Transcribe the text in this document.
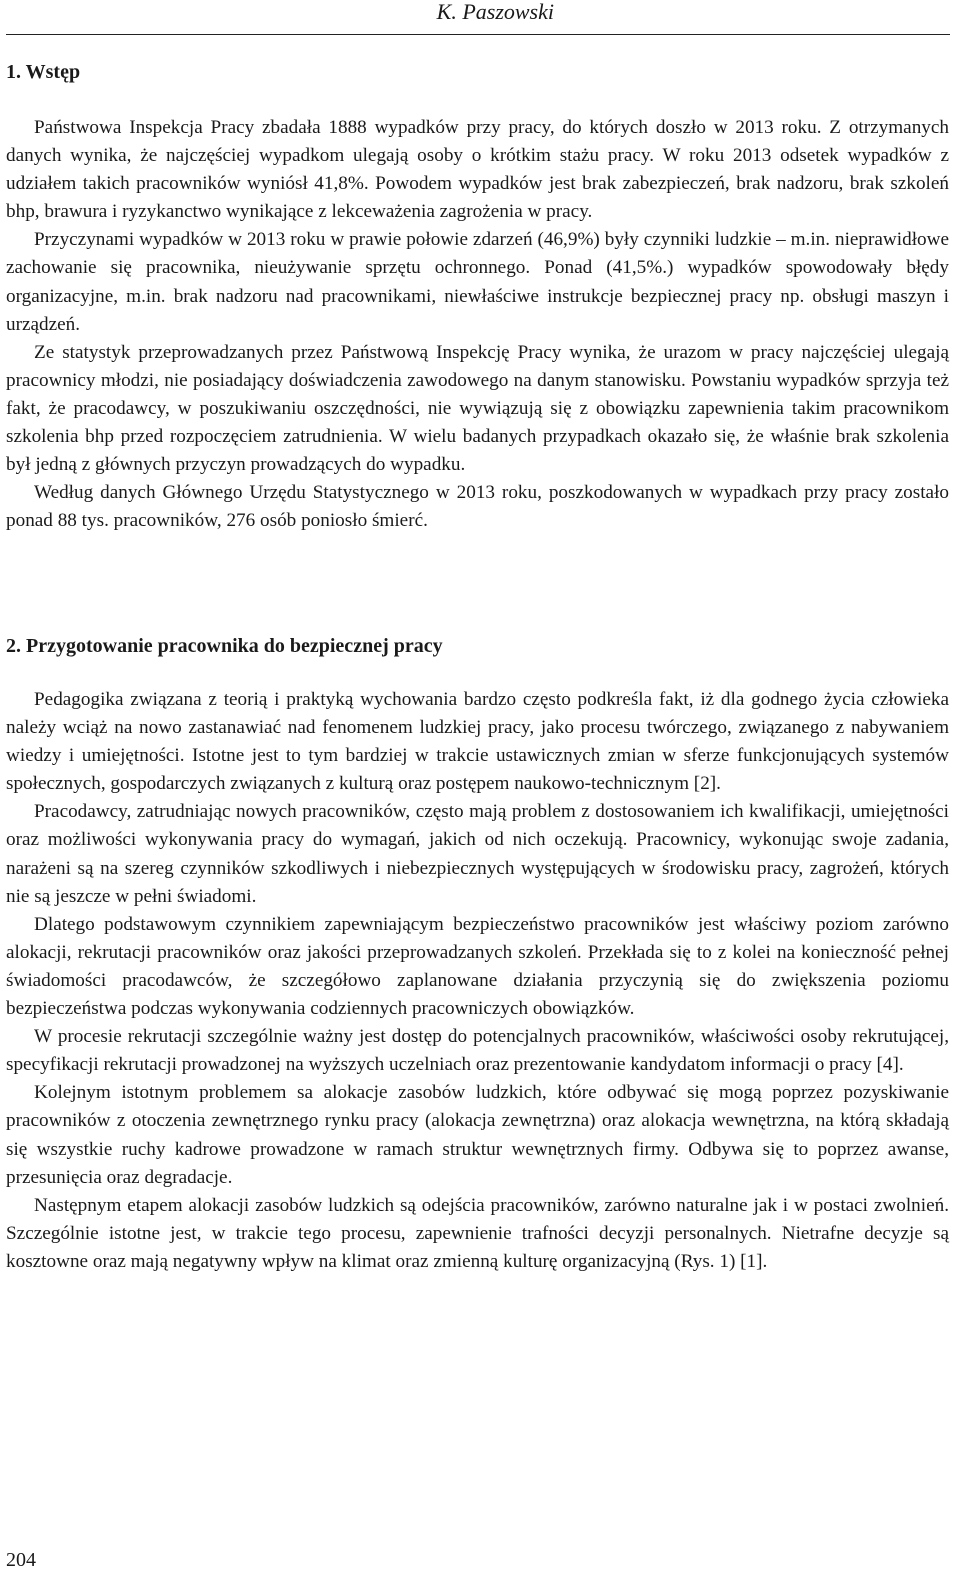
K. Paszowski
1. Wstęp

Państwowa Inspekcja Pracy zbadała 1888 wypadków przy pracy, do których doszło w 2013 roku. Z otrzymanych danych wynika, że najczęściej wypadkom ulegają osoby o krótkim stażu pracy. W roku 2013 odsetek wypadków z udziałem takich pracowników wyniósł 41,8%. Powodem wypadków jest brak zabezpieczeń, brak nadzoru, brak szkoleń bhp, brawura i ryzykanctwo wynikające z lekceważenia zagrożenia w pracy.

Przyczynami wypadków w 2013 roku w prawie połowie zdarzeń (46,9%) były czynniki ludzkie – m.in. nieprawidłowe zachowanie się pracownika, nieużywanie sprzętu ochronnego. Ponad (41,5%.) wypadków spowodowały błędy organizacyjne, m.in. brak nadzoru nad pracownikami, niewłaściwe instrukcje bezpiecznej pracy np. obsługi maszyn i urządzeń.

Ze statystyk przeprowadzanych przez Państwową Inspekcję Pracy wynika, że urazom w pracy najczęściej ulegają pracownicy młodzi, nie posiadający doświadczenia zawodowego na danym stanowisku. Powstaniu wypadków sprzyja też fakt, że pracodawcy, w poszukiwaniu oszczędności, nie wywiązują się z obowiązku zapewnienia takim pracownikom szkolenia bhp przed rozpoczęciem zatrudnienia. W wielu badanych przypadkach okazało się, że właśnie brak szkolenia był jedną z głównych przyczyn prowadzących do wypadku.

Według danych Głównego Urzędu Statystycznego w 2013 roku, poszkodowanych w wypadkach przy pracy zostało ponad 88 tys. pracowników, 276 osób poniosło śmierć.

2. Przygotowanie pracownika do bezpiecznej pracy

Pedagogika związana z teorią i praktyką wychowania bardzo często podkreśla fakt, iż dla godnego życia człowieka należy wciąż na nowo zastanawiać nad fenomenem ludzkiej pracy, jako procesu twórczego, związanego z nabywaniem wiedzy i umiejętności. Istotne jest to tym bardziej w trakcie ustawicznych zmian w sferze funkcjonujących systemów społecznych, gospodarczych związanych z kulturą oraz postępem naukowo-technicznym [2].

Pracodawcy, zatrudniając nowych pracowników, często mają problem z dostosowaniem ich kwalifikacji, umiejętności oraz możliwości wykonywania pracy do wymagań, jakich od nich oczekują. Pracownicy, wykonując swoje zadania, narażeni są na szereg czynników szkodliwych i niebezpiecznych występujących w środowisku pracy, zagrożeń, których nie są jeszcze w pełni świadomi.

Dlatego podstawowym czynnikiem zapewniającym bezpieczeństwo pracowników jest właściwy poziom zarówno alokacji, rekrutacji pracowników oraz jakości przeprowadzanych szkoleń. Przekłada się to z kolei na konieczność pełnej świadomości pracodawców, że szczegółowo zaplanowane działania przyczynią się do zwiększenia poziomu bezpieczeństwa podczas wykonywania codziennych pracowniczych obowiązków.

W procesie rekrutacji szczególnie ważny jest dostęp do potencjalnych pracowników, właściwości osoby rekrutującej, specyfikacji rekrutacji prowadzonej na wyższych uczelniach oraz prezentowanie kandydatom informacji o pracy [4].

Kolejnym istotnym problemem sa alokacje zasobów ludzkich, które odbywać się mogą poprzez pozyskiwanie pracowników z otoczenia zewnętrznego rynku pracy (alokacja zewnętrzna) oraz alokacja wewnętrzna, na którą składają się wszystkie ruchy kadrowe prowadzone w ramach struktur wewnętrznych firmy. Odbywa się to poprzez awanse, przesunięcia oraz degradacje.

Następnym etapem alokacji zasobów ludzkich są odejścia pracowników, zarówno naturalne jak i w postaci zwolnień. Szczególnie istotne jest, w trakcie tego procesu, zapewnienie trafności decyzji personalnych. Nietrafne decyzje są kosztowne oraz mają negatywny wpływ na klimat oraz zmienną kulturę organizacyjną (Rys. 1) [1].

204
